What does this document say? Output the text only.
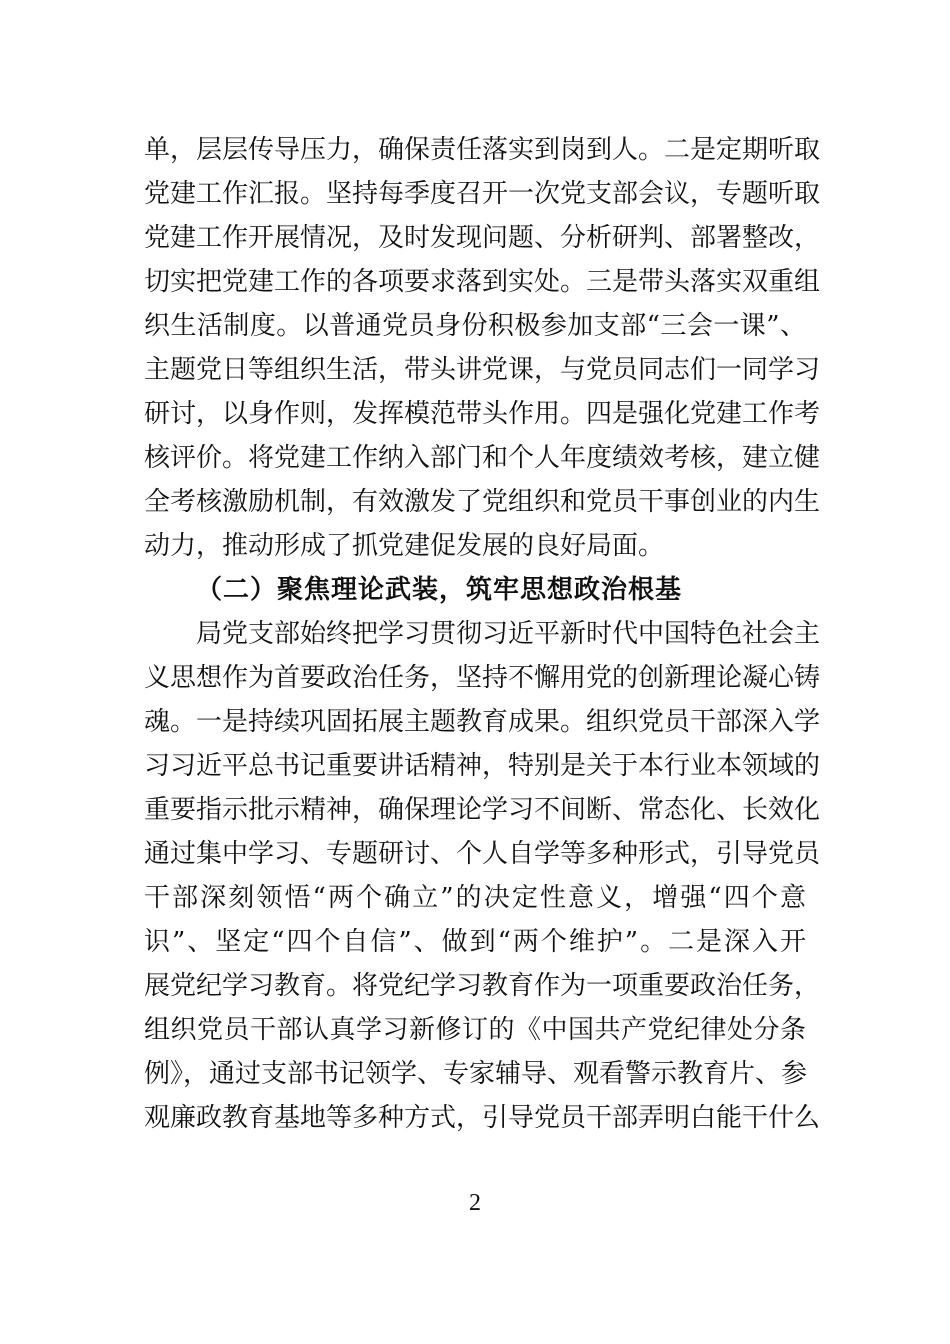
单，层层传导压力，确保责任落实到岗到人。二是定期听取

党建工作汇报。坚持每季度召开一次党支部会议，专题听取

党建工作开展情况，及时发现问题、分析研判、部署整改，

切实把党建工作的各项要求落到实处。三是带头落实双重组

织生活制度。以普通党员身份积极参加支部“三会一课”、

主题党日等组织生活，带头讲党课，与党员同志们一同学习

研讨，以身作则，发挥模范带头作用。四是强化党建工作考

核评价。将党建工作纳入部门和个人年度绩效考核，建立健

全考核激励机制，有效激发了党组织和党员干事创业的内生

动力，推动形成了抓党建促发展的良好局面。

（二）聚焦理论武装，筑牢思想政治根基

局党支部始终把学习贯彻习近平新时代中国特色社会主

义思想作为首要政治任务，坚持不懈用党的创新理论凝心铸

魂。一是持续巩固拓展主题教育成果。组织党员干部深入学

习习近平总书记重要讲话精神，特别是关于本行业本领域的

重要指示批示精神，确保理论学习不间断、常态化、长效化

通过集中学习、专题研讨、个人自学等多种形式，引导党员

干部深刻领悟“两个确立”的决定性意义，增强“四个意

识”、坚定“四个自信”、做到“两个维护”。二是深入开

展党纪学习教育。将党纪学习教育作为一项重要政治任务，

组织党员干部认真学习新修订的《中国共产党纪律处分条

例》，通过支部书记领学、专家辅导、观看警示教育片、参

观廉政教育基地等多种方式，引导党员干部弄明白能干什么

2
